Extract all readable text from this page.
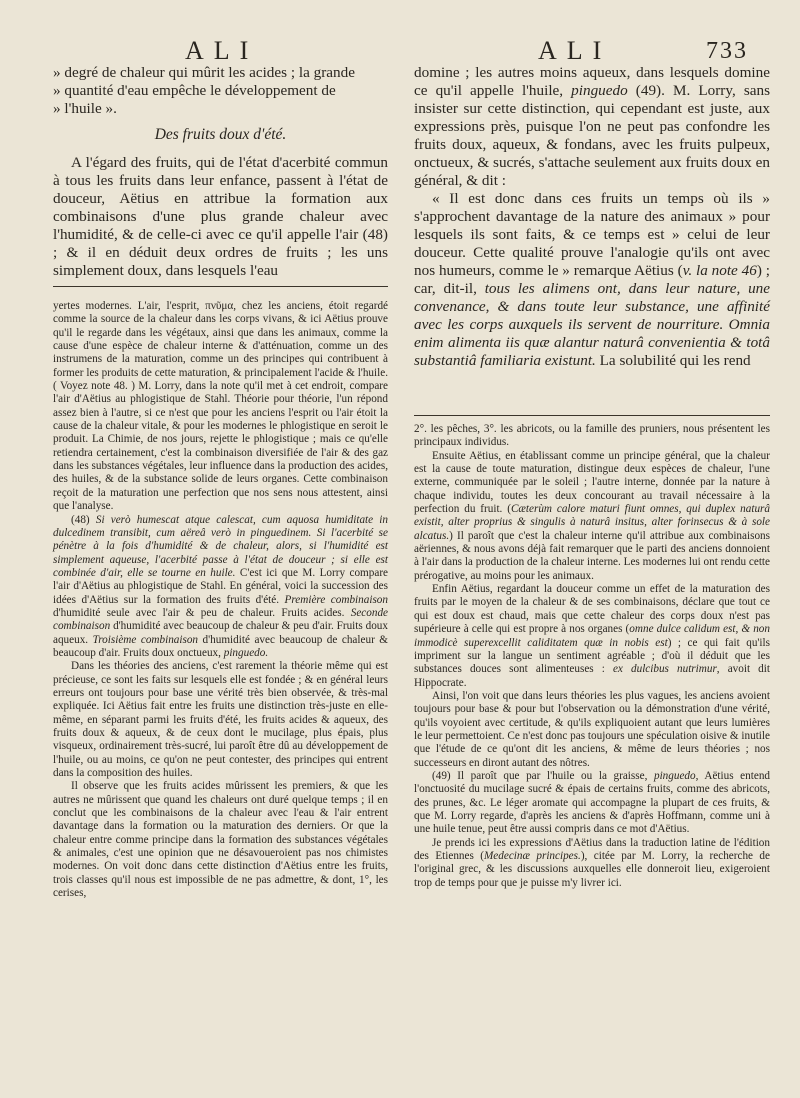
ALI	ALI	733

» degré de chaleur qui mûrit les acides ; la grande

» quantité d'eau empêche le développement de

» l'huile ».

Des fruits doux d'été.

A l'égard des fruits, qui de l'état d'acerbité commun à tous les fruits dans leur enfance, passent à l'état de douceur, Aëtius en attribue la formation aux combinaisons d'une plus grande chaleur avec l'humidité, & de celle-ci avec ce qu'il appelle l'air (48) ; & il en déduit deux ordres de fruits ; les uns simplement doux, dans lesquels l'eau

yertes modernes. L'air, l'esprit, πνῦμα, chez les anciens, étoit regardé comme la source de la chaleur dans les corps vivans, & ici Aëtius prouve qu'il le regarde dans les végétaux, ainsi que dans les animaux, comme la cause d'une espèce de chaleur interne & d'atténuation, comme un des instrumens de la maturation, comme un des principes qui contribuent à former les produits de cette maturation, & principalement l'acide & l'huile. ( Voyez note 48. ) M. Lorry, dans la note qu'il met à cet endroit, compare l'air d'Aëtius au phlogistique de Stahl. Théorie pour théorie, l'un répond assez bien à l'autre, si ce n'est que pour les anciens l'esprit ou l'air étoit la cause de la chaleur vitale, & pour les modernes le phlogistique en seroit le produit. La Chimie, de nos jours, rejette le phlogistique ; mais ce qu'elle retiendra certainement, c'est la combinaison diversifiée de l'air & des gaz dans les substances végétales, leur influence dans la production des acides, des huiles, & de la substance solide de leurs organes. Cette combinaison reçoit de la maturation une perfection que nos sens nous attestent, ainsi que l'analyse.

(48) Si verò humescat atque calescat, cum aquosa humiditate in dulcedinem transibit, cum aëreâ verò in pinguedinem. Si l'acerbité se pénètre à la fois d'humidité & de chaleur, alors, si l'humidité est simplement aqueuse, l'acerbité passe à l'état de douceur ; si elle est combinée d'air, elle se tourne en huile. C'est ici que M. Lorry compare l'air d'Aëtius au phlogistique de Stahl. En général, voici la succession des idées d'Aëtius sur la formation des fruits d'été. Première combinaison d'humidité seule avec l'air & peu de chaleur. Fruits acides. Seconde combinaison d'humidité avec beaucoup de chaleur & peu d'air. Fruits doux aqueux. Troisième combinaison d'humidité avec beaucoup de chaleur & beaucoup d'air. Fruits doux onctueux, pinguedo.

Dans les théories des anciens, c'est rarement la théorie même qui est précieuse, ce sont les faits sur lesquels elle est fondée ; & en général leurs erreurs ont toujours pour base une vérité très bien observée, & très-mal expliquée. Ici Aëtius fait entre les fruits une distinction très-juste en elle-même, en séparant parmi les fruits d'été, les fruits acides & aqueux, des fruits doux & aqueux, & de ceux dont le mucilage, plus épais, plus visqueux, ordinairement très-sucré, lui paroît être dû au développement de l'huile, ou au moins, ce qu'on ne peut contester, des principes qui entrent dans la composition des huiles.

Il observe que les fruits acides mûrissent les premiers, & que les autres ne mûrissent que quand les chaleurs ont duré quelque temps ; il en conclut que les combinaisons de la chaleur avec l'eau & l'air entrent davantage dans la formation ou la maturation des derniers. Or que la chaleur entre comme principe dans la formation des substances végétales & animales, c'est une opinion que ne désavoueroient pas nos chimistes modernes. On voit donc dans cette distinction d'Aëtius entre les fruits, trois classes qu'il nous est impossible de ne pas admettre, & dont, 1°, les cerises,

domine ; les autres moins aqueux, dans lesquels domine ce qu'il appelle l'huile, pinguedo (49). M. Lorry, sans insister sur cette distinction, qui cependant est juste, aux expressions près, puisque l'on ne peut pas confondre les fruits doux, aqueux, & fondans, avec les fruits pulpeux, onctueux, & sucrés, s'attache seulement aux fruits doux en général, & dit :

« Il est donc dans ces fruits un temps où ils » s'approchent davantage de la nature des animaux » pour lesquels ils sont faits, & ce temps est » celui de leur douceur. Cette qualité prouve l'analogie qu'ils ont avec nos humeurs, comme le » remarque Aëtius (v. la note 46) ; car, dit-il, tous les alimens ont, dans leur nature, une convenance, & dans toute leur substance, une affinité avec les corps auxquels ils servent de nourriture. Omnia enim alimenta iis quæ alantur naturâ convenientia & totâ substantiâ familiaria existunt. La solubilité qui les rend

2°. les pêches, 3°. les abricots, ou la famille des pruniers, nous présentent les principaux individus.

Ensuite Aëtius, en établissant comme un principe général, que la chaleur est la cause de toute maturation, distingue deux espèces de chaleur, l'une externe, communiquée par le soleil ; l'autre interne, donnée par la nature à chaque individu, toutes les deux concourant au travail nécessaire à la perfection du fruit. (Cæterùm calore maturi fiunt omnes, qui duplex naturâ existit, alter proprius & singulis à naturâ insitus, alter forinsecus & à sole alcatus.) Il paroît que c'est la chaleur interne qu'il attribue aux combinaisons aëriennes, & nous avons déjà fait remarquer que le parti des anciens donnoient à l'air dans la production de la chaleur interne. Les modernes lui ont rendu cette prérogative, au moins pour les animaux.

Enfin Aëtius, regardant la douceur comme un effet de la maturation des fruits par le moyen de la chaleur & de ses combinaisons, déclare que tout ce qui est doux est chaud, mais que cette chaleur des corps doux n'est pas supérieure à celle qui est propre à nos organes (omne dulce calidum est, & non immodicè superexcellit caliditatem quæ in nobis est) ; ce qui fait qu'ils impriment sur la langue un sentiment agréable ; d'où il déduit que les substances douces sont alimenteuses : ex dulcibus nutrimur, avoit dit Hippocrate.

Ainsi, l'on voit que dans leurs théories les plus vagues, les anciens avoient toujours pour base & pour but l'observation ou la démonstration d'une vérité, qu'ils voyoient avec certitude, & qu'ils expliquoient autant que leurs lumières le leur permettoient. Ce n'est donc pas toujours une spéculation oisive & inutile que l'étude de ce qu'ont dit les anciens, & même de leurs théories ; nos successeurs en diront autant des nôtres.

(49) Il paroît que par l'huile ou la graisse, pinguedo, Aëtius entend l'onctuosité du mucilage sucré & épais de certains fruits, comme des abricots, des prunes, &c. Le léger aromate qui accompagne la plupart de ces fruits, & que M. Lorry regarde, d'après les anciens & d'après Hoffmann, comme uni à une huile tenue, peut être aussi compris dans ce mot d'Aëtius.

Je prends ici les expressions d'Aëtius dans la traduction latine de l'édition des Etiennes (Medecinæ principes.), citée par M. Lorry, la recherche de l'original grec, & les discussions auxquelles elle donneroit lieu, exigeroient trop de temps pour que je puisse m'y livrer ici.
